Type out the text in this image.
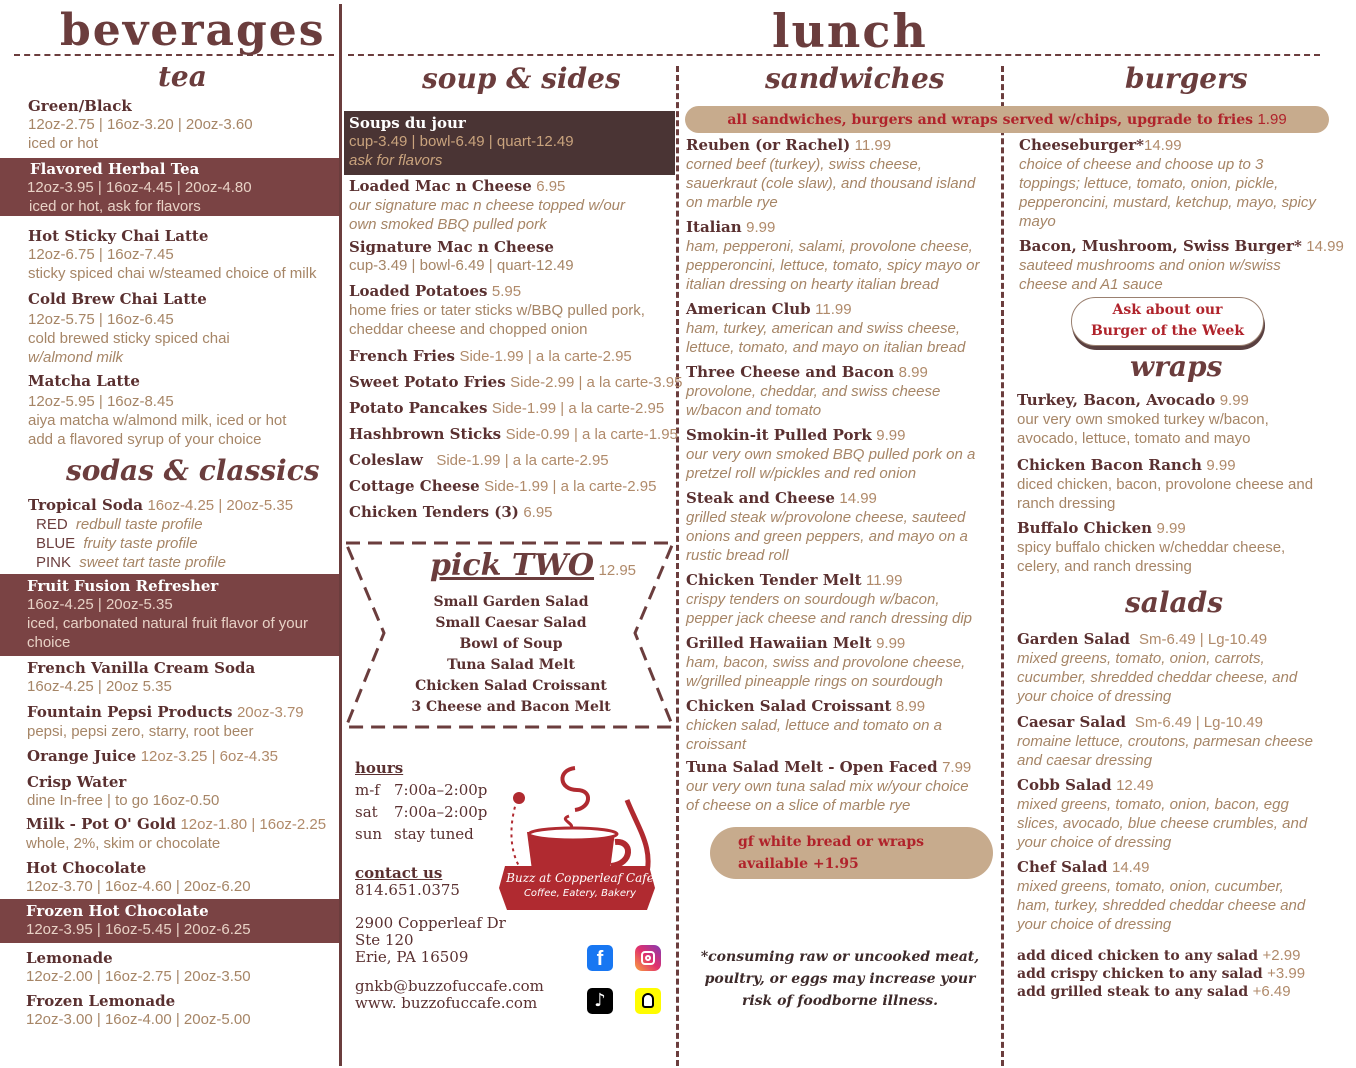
beverages
tea
Green/Black
12oz-2.75 | 16oz-3.20 | 20oz-3.60
iced or hot
Flavored Herbal Tea
12oz-3.95 | 16oz-4.45 | 20oz-4.80
iced or hot, ask for flavors
Hot Sticky Chai Latte
12oz-6.75 | 16oz-7.45
sticky spiced chai w/steamed choice of milk
Cold Brew Chai Latte
12oz-5.75 | 16oz-6.45
cold brewed sticky spiced chai
w/almond milk
Matcha Latte
12oz-5.95 | 16oz-8.45
aiya matcha w/almond milk, iced or hot
add a flavored syrup of your choice
sodas & classics
Tropical Soda 16oz-4.25 | 20oz-5.35
RED redbull taste profile
BLUE fruity taste profile
PINK sweet tart taste profile
Fruit Fusion Refresher
16oz-4.25 | 20oz-5.35
iced, carbonated natural fruit flavor of your
choice
French Vanilla Cream Soda
16oz-4.25 | 20oz 5.35
Fountain Pepsi Products 20oz-3.79
pepsi, pepsi zero, starry, root beer
Orange Juice 12oz-3.25 | 6oz-4.35
Crisp Water
dine In-free | to go 16oz-0.50
Milk - Pot O' Gold 12oz-1.80 | 16oz-2.25
whole, 2%, skim or chocolate
Hot Chocolate
12oz-3.70 | 16oz-4.60 | 20oz-6.20
Frozen Hot Chocolate
12oz-3.95 | 16oz-5.45 | 20oz-6.25
Lemonade
12oz-2.00 | 16oz-2.75 | 20oz-3.50
Frozen Lemonade
12oz-3.00 | 16oz-4.00 | 20oz-5.00
lunch
soup & sides	sandwiches	burgers
Soups du jour
cup-3.49 | bowl-6.49 | quart-12.49
ask for flavors
Loaded Mac n Cheese 6.95
our signature mac n cheese topped w/our
own smoked BBQ pulled pork
Signature Mac n Cheese
cup-3.49 | bowl-6.49 | quart-12.49
Loaded Potatoes 5.95
home fries or tater sticks w/BBQ pulled pork,
cheddar cheese and chopped onion
French Fries Side-1.99 | a la carte-2.95
Sweet Potato Fries Side-2.99 | a la carte-3.95
Potato Pancakes Side-1.99 | a la carte-2.95
Hashbrown Sticks Side-0.99 | a la carte-1.95
Coleslaw Side-1.99 | a la carte-2.95
Cottage Cheese Side-1.99 | a la carte-2.95
Chicken Tenders (3) 6.95
pick TWO 12.95
Small Garden Salad
Small Caesar Salad
Bowl of Soup
Tuna Salad Melt
Chicken Salad Croissant
3 Cheese and Bacon Melt
hours
m-f 7:00a–2:00p
sat 7:00a–2:00p
sun stay tuned
contact us
814.651.0375
2900 Copperleaf Dr
Ste 120
Erie, PA 16509
gnkb@buzzofuccafe.com
www. buzzofuccafe.com
Buzz at Copperleaf Cafe
Coffee, Eatery, Bakery
f
♪
all sandwiches, burgers and wraps served w/chips, upgrade to fries 1.99
Reuben (or Rachel) 11.99
corned beef (turkey), swiss cheese,
sauerkraut (cole slaw), and thousand island
on marble rye
Italian 9.99
ham, pepperoni, salami, provolone cheese,
pepperoncini, lettuce, tomato, spicy mayo or
italian dressing on hearty italian bread
American Club 11.99
ham, turkey, american and swiss cheese,
lettuce, tomato, and mayo on italian bread
Three Cheese and Bacon 8.99
provolone, cheddar, and swiss cheese
w/bacon and tomato
Smokin-it Pulled Pork 9.99
our very own smoked BBQ pulled pork on a
pretzel roll w/pickles and red onion
Steak and Cheese 14.99
grilled steak w/provolone cheese, sauteed
onions and green peppers, and mayo on a
rustic bread roll
Chicken Tender Melt 11.99
crispy tenders on sourdough w/bacon,
pepper jack cheese and ranch dressing dip
Grilled Hawaiian Melt 9.99
ham, bacon, swiss and provolone cheese,
w/grilled pineapple rings on sourdough
Chicken Salad Croissant 8.99
chicken salad, lettuce and tomato on a
croissant
Tuna Salad Melt - Open Faced 7.99
our very own tuna salad mix w/your choice
of cheese on a slice of marble rye
gf white bread or wraps
available +1.95
*consuming raw or uncooked meat,
poultry, or eggs may increase your
risk of foodborne illness.
Cheeseburger*14.99
choice of cheese and choose up to 3
toppings; lettuce, tomato, onion, pickle,
pepperoncini, mustard, ketchup, mayo, spicy
mayo
Bacon, Mushroom, Swiss Burger* 14.99
sauteed mushrooms and onion w/swiss
cheese and A1 sauce
Ask about our
Burger of the Week
wraps
Turkey, Bacon, Avocado 9.99
our very own smoked turkey w/bacon,
avocado, lettuce, tomato and mayo
Chicken Bacon Ranch 9.99
diced chicken, bacon, provolone cheese and
ranch dressing
Buffalo Chicken 9.99
spicy buffalo chicken w/cheddar cheese,
celery, and ranch dressing
salads
Garden Salad Sm-6.49 | Lg-10.49
mixed greens, tomato, onion, carrots,
cucumber, shredded cheddar cheese, and
your choice of dressing
Caesar Salad Sm-6.49 | Lg-10.49
romaine lettuce, croutons, parmesan cheese
and caesar dressing
Cobb Salad 12.49
mixed greens, tomato, onion, bacon, egg
slices, avocado, blue cheese crumbles, and
your choice of dressing
Chef Salad 14.49
mixed greens, tomato, onion, cucumber,
ham, turkey, shredded cheddar cheese and
your choice of dressing
add diced chicken to any salad +2.99
add crispy chicken to any salad +3.99
add grilled steak to any salad +6.49
